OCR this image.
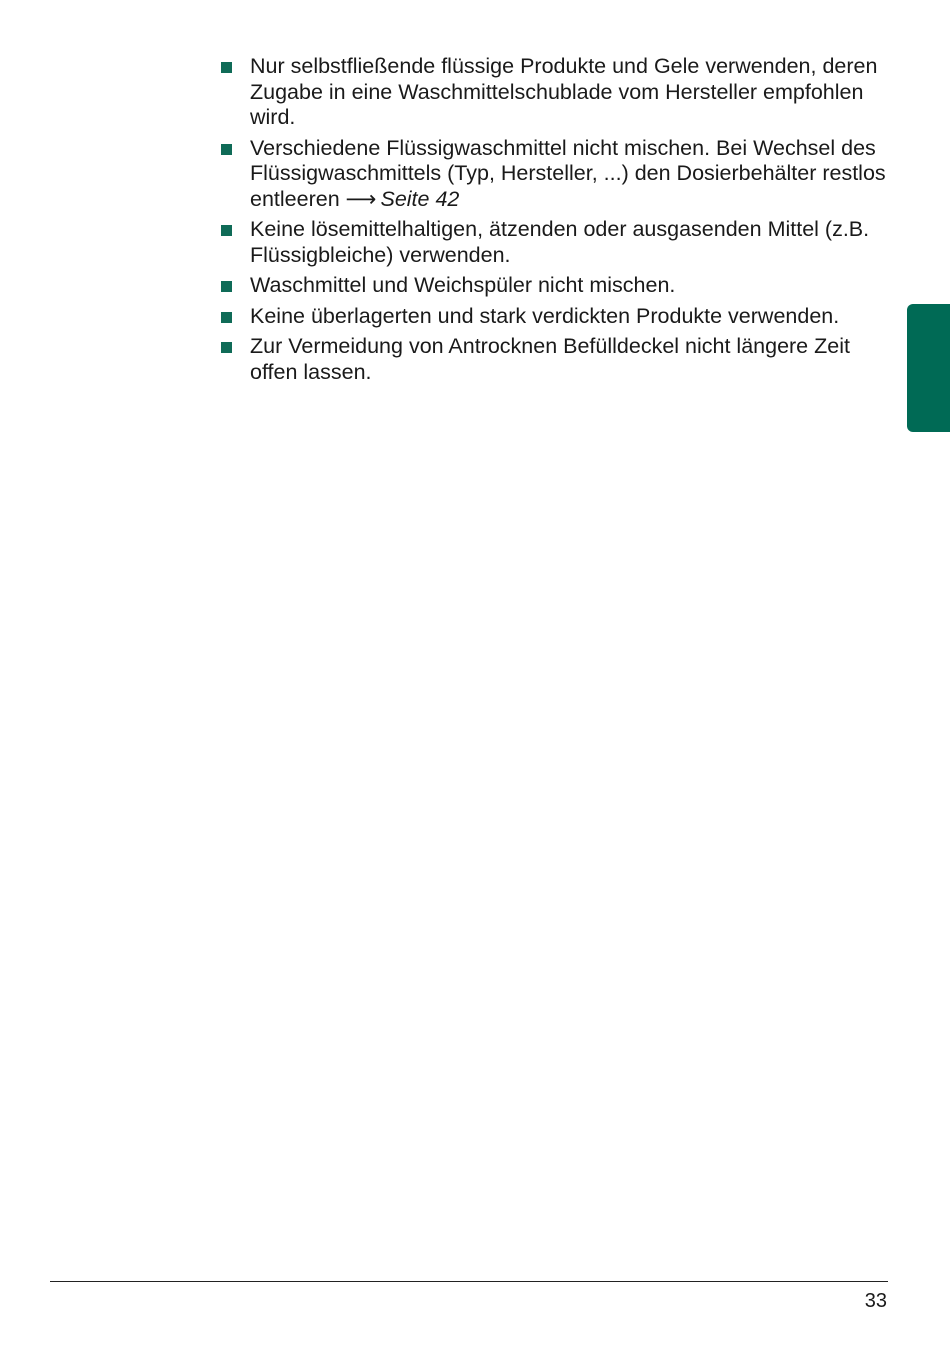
Nur selbstfließende flüssige Produkte und Gele verwenden, deren Zugabe in eine Waschmittelschublade vom Hersteller empfohlen wird.
Verschiedene Flüssigwaschmittel nicht mischen. Bei Wechsel des Flüssigwaschmittels (Typ, Hersteller, ...) den Dosierbehälter restlos entleeren ⟶ Seite 42
Keine lösemittelhaltigen, ätzenden oder ausgasenden Mittel (z.B. Flüssigbleiche) verwenden.
Waschmittel und Weichspüler nicht mischen.
Keine überlagerten und stark verdickten Produkte verwenden.
Zur Vermeidung von Antrocknen Befülldeckel nicht längere Zeit offen lassen.
33
